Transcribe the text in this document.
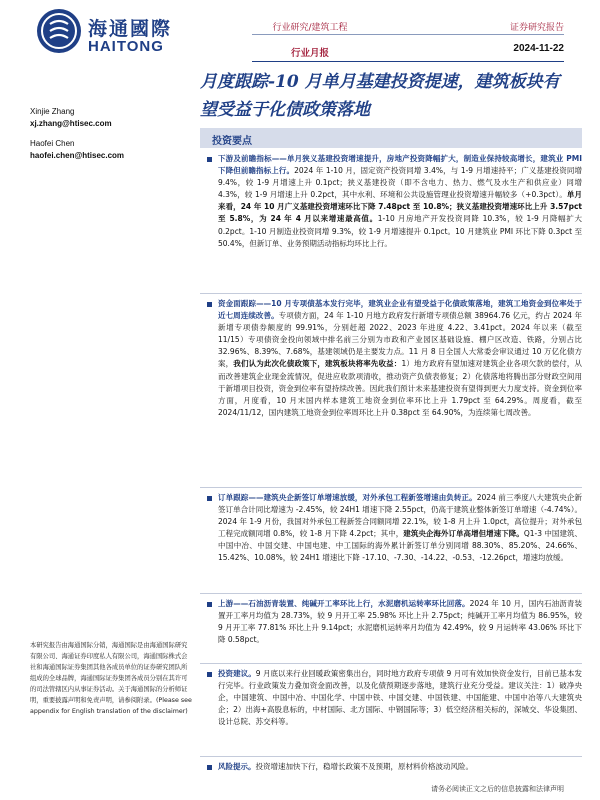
海通國際
HAITONG
行业研究/建筑工程
行业月报
证券研究报告
2024-11-22
月度跟踪-10 月单月基建投资提速，建筑板块有望受益于化债政策落地
Xinjie Zhang
xj.zhang@htisec.com
Haofei Chen
haofei.chen@htisec.com
投资要点
下游及前瞻指标——单月狭义基建投资增速提升，房地产投资降幅扩大，制造业保持较高增长，建筑业 PMI 下降但前瞻指标上行。2024 年 1-10 月，固定资产投资同增 3.4%，与 1-9 月增速持平；广义基建投资同增 9.4%，较 1-9 月增速上升 0.1pct；狭义基建投资（即不含电力、热力、燃气及水生产和供应业）同增 4.3%，较 1-9 月增速上升 0.2pct，其中水利、环境和公共设施管理业投资增速升幅较多（+0.3pct）。单月来看，24 年 10 月广义基建投资增速环比下降 7.48pct 至 10.8%；狭义基建投资增速环比上升 3.57pct 至 5.8%，为 24 年 4 月以来增速最高值。1-10 月房地产开发投资同降 10.3%，较 1-9 月降幅扩大 0.2pct。1-10 月制造业投资同增 9.3%，较 1-9 月增速提升 0.1pct。10 月建筑业 PMI 环比下降 0.3pct 至 50.4%，但新订单、业务预期活动指标均环比上行。
资金面跟踪——10 月专项债基本发行完毕，建筑业企业有望受益于化债政策落地，建筑工地资金到位率处于近七周连续改善。专项债方面，24 年 1-10 月地方政府发行新增专项债总额 38964.76 亿元，约占 2024 年新增专项债券额度的 99.91%，分别赶超 2022、2023 年进度 4.22、3.41pct。2024 年以来（截至 11/15）专项债资金投向领域中排名前三分别为市政和产业园区基础设施、棚户区改造、铁路，分别占比 32.96%、8.39%、7.68%，基建领域仍是主要发力点。11 月 8 日全国人大常委会审议通过 10 万亿化债方案，我们认为此次化债政策下，建筑板块将率先收益：1）地方政府有望加速对建筑企业各项欠款的偿付，从而改善建筑企业现金流情况，促进应收款项清收，推动资产负债表修复；2）化债落地将腾出部分财政空间用于新增项目投资，资金到位率有望持续改善。因此我们预计未来基建投资有望得到更大力度支持。资金到位率方面，月度看，10 月末国内样本建筑工地资金到位率环比上升 1.79pct 至 64.29%。周度看，截至 2024/11/12，国内建筑工地资金到位率周环比上升 0.38pct 至 64.90%，为连续第七周改善。
订单跟踪——建筑央企新签订单增速放缓，对外承包工程新签增速由负转正。2024 前三季度八大建筑央企新签订单合计同比增速为 -2.45%，较 24H1 增速下降 2.55pct，仍高于建筑业整体新签订单增速（-4.74%）。2024 年 1-9 月份，我国对外承包工程新签合同额同增 22.1%，较 1-8 月上升 1.0pct，高位提升；对外承包工程完成额同增 0.8%，较 1-8 月下降 4.2pct；其中，建筑央企海外订单高增但增速下降。Q1-3 中国建筑、中国中冶、中国交建、中国电建、中工国际的海外累计新签订单分别同增 88.30%、85.20%、24.66%、15.42%、10.08%，较 24H1 增速比下降 -17.10、-7.30、-14.22、-0.53、-12.26pct，增速均放缓。
上游——石油沥青装置、纯碱开工率环比上行，水泥磨机运转率环比回落。2024 年 10 月，国内石油沥青装置开工率月均值为 28.73%，较 9 月开工率 25.98% 环比上升 2.75pct；纯碱开工率月均值为 86.95%，较 9 月开工率 77.81% 环比上升 9.14pct；水泥磨机运转率月均值为 42.49%，较 9 月运转率 43.06% 环比下降 0.58pct。
投资建议。9 月底以来行业回暖政策密集出台，同时地方政府专项债 9 月可有效加快资金发行，目前已基本发行完毕。行业政策发力叠加资金面改善，以及化债预期逐步落地，建筑行业充分受益。建议关注：1）破净央企，中国建筑、中国中冶、中国化学、中国中铁、中国交建、中国铁建、中国能建、中国中冶等八大建筑央企；2）出海+高股息标的，中材国际、北方国际、中钢国际等；3）低空经济相关标的，深城交、华设集团、设计总院、苏交科等。
风险提示。投资增速加快下行，稳增长政策不及预期，原材料价格波动风险。
本研究报告由海通国际分销，海通国际是由海通国际研究有限公司、海通证券印度私人有限公司，海通国际株式会社和海通国际证券集团其他各成员单位的证券研究团队所组成的全球品牌，海通国际证券集团各成员分别在其许可的司法管辖区内从事证券活动。关于海通国际的分析师证明，重要披露声明和免责声明，请参阅附录。(Please see appendix for English translation of the disclaimer)
请务必阅读正文之后的信息披露和法律声明
